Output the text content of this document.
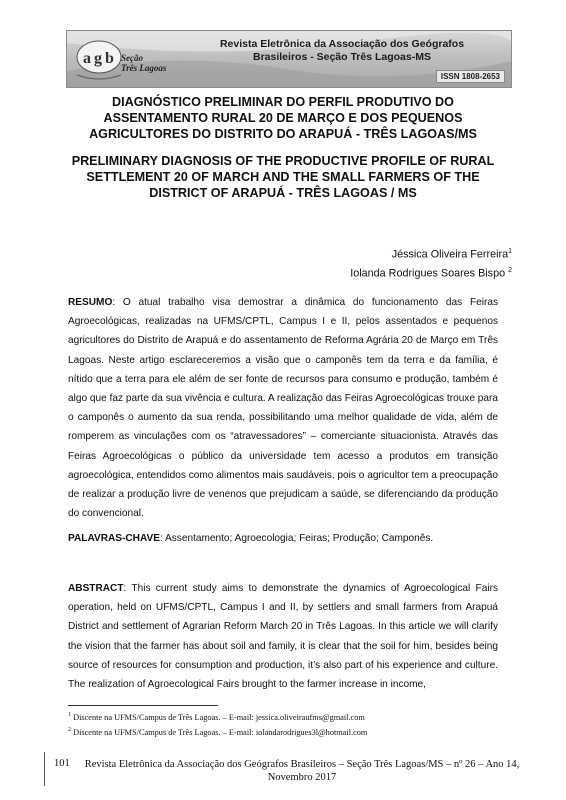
a g b Seção
Três Lagoas
Revista Eletrônica da Associação dos Geógrafos
Brasileiros - Seção Três Lagoas-MS
ISSN 1808-2653
DIAGNÓSTICO PRELIMINAR DO PERFIL PRODUTIVO DO ASSENTAMENTO RURAL 20 DE MARÇO E DOS PEQUENOS AGRICULTORES DO DISTRITO DO ARAPUÁ - TRÊS LAGOAS/MS
PRELIMINARY DIAGNOSIS OF THE PRODUCTIVE PROFILE OF RURAL SETTLEMENT 20 OF MARCH AND THE SMALL FARMERS OF THE DISTRICT OF ARAPUÁ - TRÊS LAGOAS / MS
Jéssica Oliveira Ferreira$^1$
Iolanda Rodrigues Soares Bispo $^2$

RESUMO: O atual trabalho visa demostrar a dinâmica do funcionamento das Feiras Agroecológicas, realizadas na UFMS/CPTL, Campus I e II, pelos assentados e pequenos agricultores do Distrito de Arapuá e do assentamento de Reforma Agrária 20 de Março em Três Lagoas. Neste artigo esclareceremos a visão que o camponês tem da terra e da família, é nítido que a terra para ele além de ser fonte de recursos para consumo e produção, também é algo que faz parte da sua vivência e cultura. A realização das Feiras Agroecológicas trouxe para o camponês o aumento da sua renda, possibilitando uma melhor qualidade de vida, além de romperem as vinculações com os “atravessadores” – comerciante situacionista. Através das Feiras Agroecológicas o público da universidade tem acesso a produtos em transição agroecológica, entendidos como alimentos mais saudáveis, pois o agricultor tem a preocupação de realizar a produção livre de venenos que prejudicam a saúde, se diferenciando da produção do convencional.

PALAVRAS-CHAVE: Assentamento; Agroecologia; Feiras; Produção; Camponês.

ABSTRACT: This current study aims to demonstrate the dynamics of Agroecological Fairs operation, held on UFMS/CPTL, Campus I and II, by settlers and small farmers from Arapuá District and settlement of Agrarian Reform March 20 in Três Lagoas. In this article we will clarify the vision that the farmer has about soil and family, it is clear that the soil for him, besides being source of resources for consumption and production, it’s also part of his experience and culture. The realization of Agroecological Fairs brought to the farmer increase in income,

$^1$ Discente na UFMS/Campus de Três Lagoas. – E-mail: jessica.oliveiraufms@gmail.com
$^2$ Discente na UFMS/Campus de Três Lagoas. – E-mail: iolandarodrigues3l@hotmail.com
101 Revista Eletrônica da Associação dos Geógrafos Brasileiros – Seção Três Lagoas/MS – nº 26 – Ano 14,
Novembro 2017
